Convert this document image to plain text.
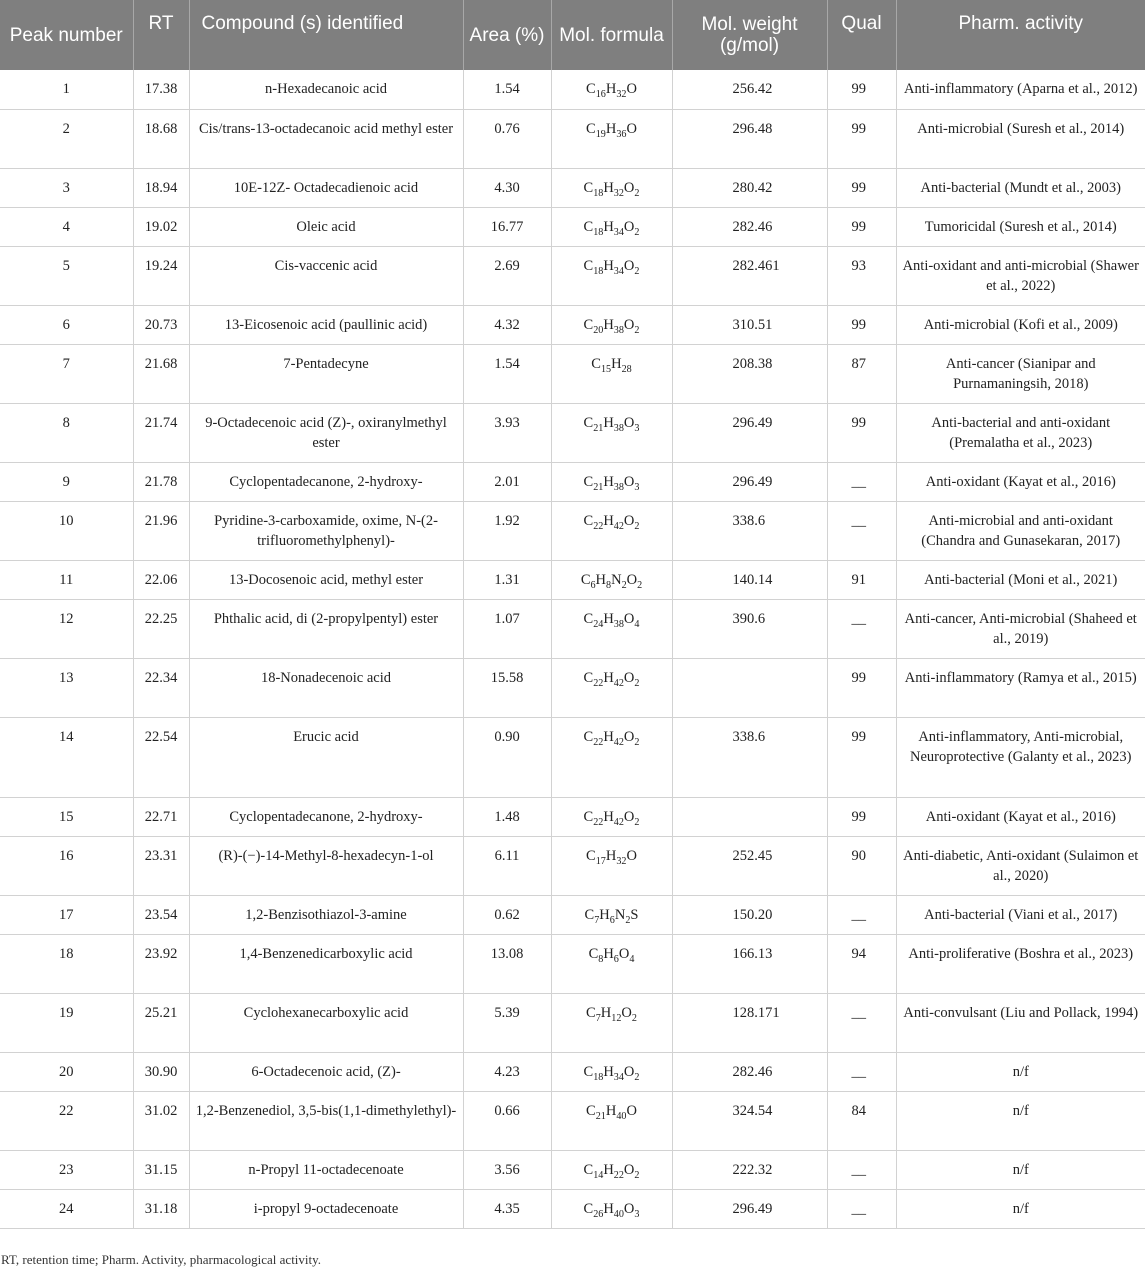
Peak number	RT	Compound (s) identified	Area (%)	Mol. formula	Mol. weight (g/mol)	Qual	Pharm. activity
1	17.38	n-Hexadecanoic acid	1.54	$C_{16}H_{32}O$	256.42	99	Anti-inflammatory (Aparna et al., 2012)
2	18.68	Cis/trans-13-octadecanoic acid methyl ester	0.76	$C_{19}H_{36}O$	296.48	99	Anti-microbial (Suresh et al., 2014)
3	18.94	10E-12Z- Octadecadienoic acid	4.30	$C_{18}H_{32}O_2$	280.42	99	Anti-bacterial (Mundt et al., 2003)
4	19.02	Oleic acid	16.77	$C_{18}H_{34}O_2$	282.46	99	Tumoricidal (Suresh et al., 2014)
5	19.24	Cis-vaccenic acid	2.69	$C_{18}H_{34}O_2$	282.461	93	Anti-oxidant and anti-microbial (Shawer et al., 2022)
6	20.73	13-Eicosenoic acid (paullinic acid)	4.32	$C_{20}H_{38}O_2$	310.51	99	Anti-microbial (Kofi et al., 2009)
7	21.68	7-Pentadecyne	1.54	$C_{15}H_{28}$	208.38	87	Anti-cancer (Sianipar and Purnamaningsih, 2018)
8	21.74	9-Octadecenoic acid (Z)-, oxiranylmethyl ester	3.93	$C_{21}H_{38}O_3$	296.49	99	Anti-bacterial and anti-oxidant (Premalatha et al., 2023)
9	21.78	Cyclopentadecanone, 2-hydroxy-	2.01	$C_{21}H_{38}O_3$	296.49	__	Anti-oxidant (Kayat et al., 2016)
10	21.96	Pyridine-3-carboxamide, oxime, N-(2-trifluoromethylphenyl)-	1.92	$C_{22}H_{42}O_2$	338.6	__	Anti-microbial and anti-oxidant (Chandra and Gunasekaran, 2017)
11	22.06	13-Docosenoic acid, methyl ester	1.31	$C_6H_8N_2O_2$	140.14	91	Anti-bacterial (Moni et al., 2021)
12	22.25	Phthalic acid, di (2-propylpentyl) ester	1.07	$C_{24}H_{38}O_4$	390.6	__	Anti-cancer, Anti-microbial (Shaheed et al., 2019)
13	22.34	18-Nonadecenoic acid	15.58	$C_{22}H_{42}O_2$		99	Anti-inflammatory (Ramya et al., 2015)
14	22.54	Erucic acid	0.90	$C_{22}H_{42}O_2$	338.6	99	Anti-inflammatory, Anti-microbial, Neuroprotective (Galanty et al., 2023)
15	22.71	Cyclopentadecanone, 2-hydroxy-	1.48	$C_{22}H_{42}O_2$		99	Anti-oxidant (Kayat et al., 2016)
16	23.31	(R)-(−)-14-Methyl-8-hexadecyn-1-ol	6.11	$C_{17}H_{32}O$	252.45	90	Anti-diabetic, Anti-oxidant (Sulaimon et al., 2020)
17	23.54	1,2-Benzisothiazol-3-amine	0.62	$C_7H_6N_2S$	150.20	__	Anti-bacterial (Viani et al., 2017)
18	23.92	1,4-Benzenedicarboxylic acid	13.08	$C_8H_6O_4$	166.13	94	Anti-proliferative (Boshra et al., 2023)
19	25.21	Cyclohexanecarboxylic acid	5.39	$C_7H_{12}O_2$	128.171	__	Anti-convulsant (Liu and Pollack, 1994)
20	30.90	6-Octadecenoic acid, (Z)-	4.23	$C_{18}H_{34}O_2$	282.46	__	n/f
22	31.02	1,2-Benzenediol, 3,5-bis(1,1-dimethylethyl)-	0.66	$C_{21}H_{40}O$	324.54	84	n/f
23	31.15	n-Propyl 11-octadecenoate	3.56	$C_{14}H_{22}O_2$	222.32	__	n/f
24	31.18	i-propyl 9-octadecenoate	4.35	$C_{26}H_{40}O_3$	296.49	__	n/f

RT, retention time; Pharm. Activity, pharmacological activity.
